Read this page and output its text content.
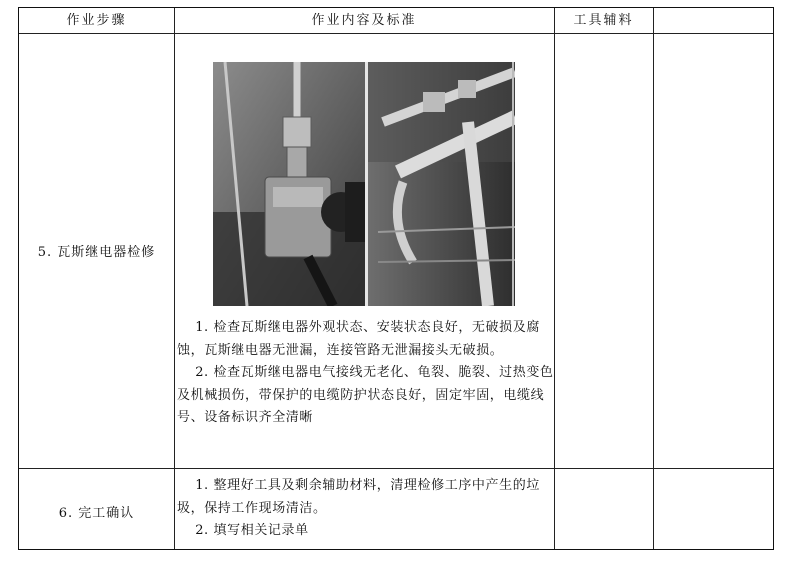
作业步骤	作业内容及标准	工具辅料
5. 瓦斯继电器检修

1. 检查瓦斯继电器外观状态、安装状态良好，无破损及腐蚀，瓦斯继电器无泄漏，连接管路无泄漏接头无破损。

2. 检查瓦斯继电器电气接线无老化、龟裂、脆裂、过热变色及机械损伤，带保护的电缆防护状态良好，固定牢固，电缆线号、设备标识齐全清晰

6. 完工确认

1. 整理好工具及剩余辅助材料，清理检修工序中产生的垃圾，保持工作现场清洁。

2. 填写相关记录单
